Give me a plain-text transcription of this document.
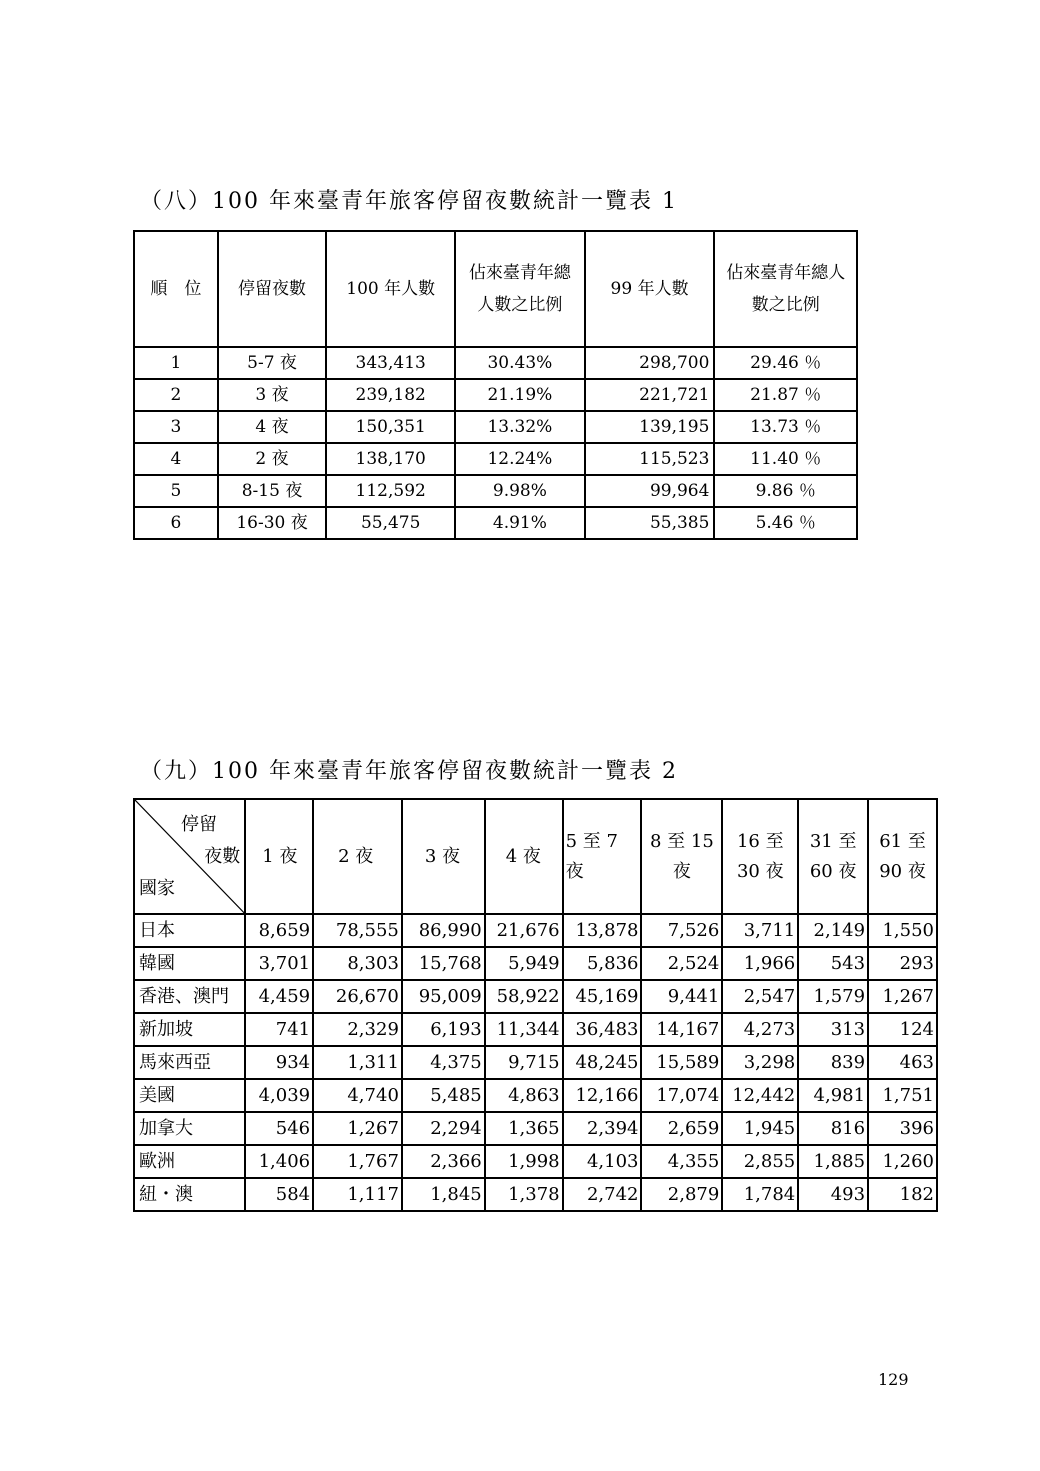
（八）100 年來臺青年旅客停留夜數統計一覽表 1
順　位	停留夜數	100 年人數	佔來臺青年總人數之比例	99 年人數	佔來臺青年總人數之比例
1	5-7 夜	343,413	30.43%	298,700	29.46 ％
2	3 夜	239,182	21.19%	221,721	21.87 ％
3	4 夜	150,351	13.32%	139,195	13.73 ％
4	2 夜	138,170	12.24%	115,523	11.40 ％
5	8-15 夜	112,592	9.98%	99,964	9.86 ％
6	16-30 夜	55,475	4.91%	55,385	5.46 ％
（九）100 年來臺青年旅客停留夜數統計一覽表 2
停留
夜數
國家	1 夜	2 夜	3 夜	4 夜	5 至 7 夜	8 至 15 夜	16 至 30 夜	31 至 60 夜	61 至 90 夜
日本	8,659	78,555	86,990	21,676	13,878	7,526	3,711	2,149	1,550
韓國	3,701	8,303	15,768	5,949	5,836	2,524	1,966	543	293
香港、澳門	4,459	26,670	95,009	58,922	45,169	9,441	2,547	1,579	1,267
新加坡	741	2,329	6,193	11,344	36,483	14,167	4,273	313	124
馬來西亞	934	1,311	4,375	9,715	48,245	15,589	3,298	839	463
美國	4,039	4,740	5,485	4,863	12,166	17,074	12,442	4,981	1,751
加拿大	546	1,267	2,294	1,365	2,394	2,659	1,945	816	396
歐洲	1,406	1,767	2,366	1,998	4,103	4,355	2,855	1,885	1,260
紐・澳	584	1,117	1,845	1,378	2,742	2,879	1,784	493	182
129
